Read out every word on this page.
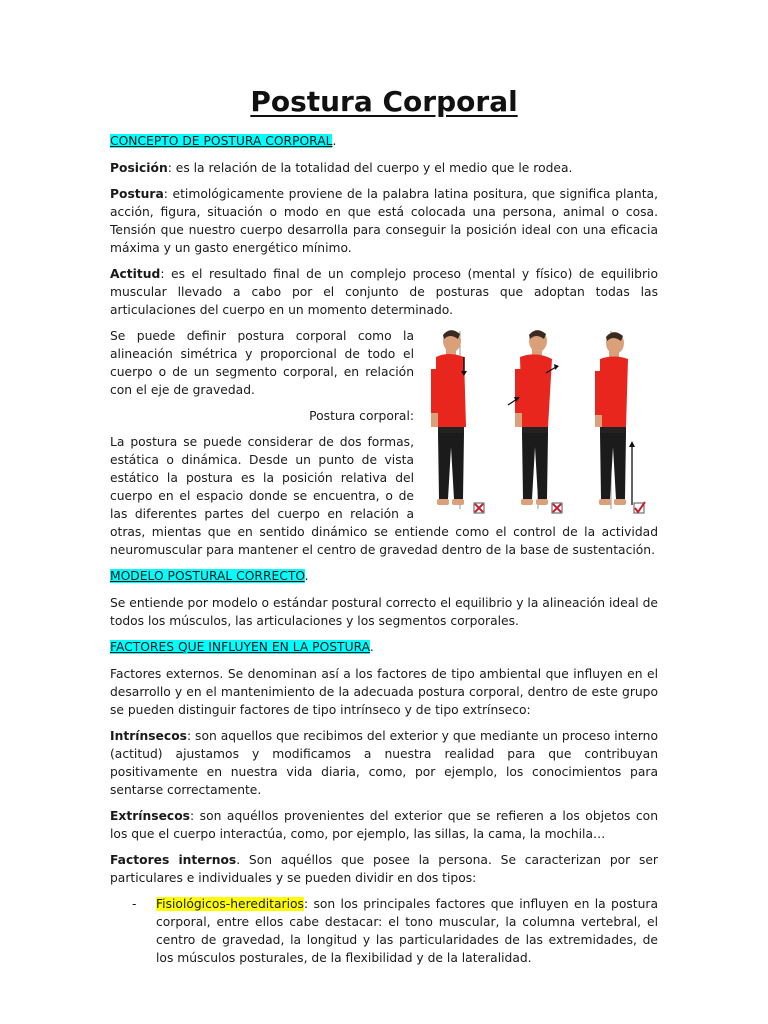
Postura Corporal

CONCEPTO DE POSTURA CORPORAL.

Posición: es la relación de la totalidad del cuerpo y el medio que le rodea.

Postura: etimológicamente proviene de la palabra latina positura, que significa planta, acción, figura, situación o modo en que está colocada una persona, animal o cosa. Tensión que nuestro cuerpo desarrolla para conseguir la posición ideal con una eficacia máxima y un gasto energético mínimo.

Actitud: es el resultado final de un complejo proceso (mental y físico) de equilibrio muscular llevado a cabo por el conjunto de posturas que adoptan todas las articulaciones del cuerpo en un momento determinado.

Se puede definir postura corporal como la alineación simétrica y proporcional de todo el cuerpo o de un segmento corporal, en relación con el eje de gravedad.

Postura corporal:

La postura se puede considerar de dos formas, estática o dinámica. Desde un punto de vista estático la postura es la posición relativa del cuerpo en el espacio donde se encuentra, o de las diferentes partes del cuerpo en relación a otras, mientas que en sentido dinámico se entiende como el control de la actividad neuromuscular para mantener el centro de gravedad dentro de la base de sustentación.

MODELO POSTURAL CORRECTO.

Se entiende por modelo o estándar postural correcto el equilibrio y la alineación ideal de todos los músculos, las articulaciones y los segmentos corporales.

FACTORES QUE INFLUYEN EN LA POSTURA.

Factores externos. Se denominan así a los factores de tipo ambiental que influyen en el desarrollo y en el mantenimiento de la adecuada postura corporal, dentro de este grupo se pueden distinguir factores de tipo intrínseco y de tipo extrínseco:

Intrínsecos: son aquellos que recibimos del exterior y que mediante un proceso interno (actitud) ajustamos y modificamos a nuestra realidad para que contribuyan positivamente en nuestra vida diaria, como, por ejemplo, los conocimientos para sentarse correctamente.

Extrínsecos: son aquéllos provenientes del exterior que se refieren a los objetos con los que el cuerpo interactúa, como, por ejemplo, las sillas, la cama, la mochila…

Factores internos. Son aquéllos que posee la persona. Se caracterizan por ser particulares e individuales y se pueden dividir en dos tipos:

- Fisiológicos-hereditarios: son los principales factores que influyen en la postura corporal, entre ellos cabe destacar: el tono muscular, la columna vertebral, el centro de gravedad, la longitud y las particularidades de las extremidades, de los músculos posturales, de la flexibilidad y de la lateralidad.
